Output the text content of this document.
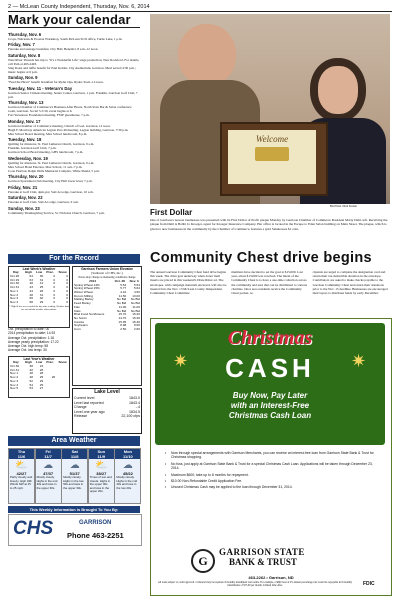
2 — McLean County Independent, Thursday, Nov. 6, 2014
Mark your calendar
Thursday, Nov. 6
Crops, Nutrients & Erosion Workshop, South McLean SCD office, Turtle Lake, 1 p.m.
Friday, Nov. 7
Pancake and sausage breakfast, City Hall, Benedict, 8 a.m.-12 noon.
Saturday, Nov. 8
West River Threads has trip to "It's a Wonderful Life" stage production, New Rockford. For details, call Pam at 463-2493.
Sing Roast and raffle benefit for Paul Kohler, City Auditorium, Garrison. Meal served 4:30 p.m.; music begins at 6 p.m.
Sunday, Nov. 9
"Feed the Heart" benefit breakfast for Ryder Ops, Ryder, 9a.m.-12 noon.
Tuesday, Nov. 11 - Veteran's Day
Garrison Senior Citizens meeting, Senior Center, Garrison, 1 p.m. Franklin, Garrison Golf Club, 7 p.m.
Thursday, Nov. 13
Garrison Chamber of Commerce's Business After Hours, North Stars Bar & Salon conference room, Garrison. Social 5-5:30, event begins at 6.
Fort Stevenson Foundation meeting, FSSP guesthouse, 7 p.m.
Monday, Nov. 17
Garrison Chamber of Commerce meeting, Church of God, Garrison, 12 noon.
Hugh F. Mowbray American Legion Post 49 meeting, Legion building, Garrison, 7:30 p.m.
Max School Board meeting, Max School lunchroom, 8 p.m.
Tuesday, Nov. 18
Quilting for missions, St. Paul Lutheran Church, Garrison, 9 a.m.
Franklin, Garrison Golf Club, 7 p.m.
Garrison School Board meeting, GHS lunchroom, 7 p.m.
Wednesday, Nov. 19
Quilting for missions, St. Paul Lutheran Church, Garrison, 9 a.m.
Max School Bond Election, Max School, 11 a.m.-7 p.m.
Coon Festival, Ralph Wells Memorial Complex, White Shield, 5 p.m.
Thursday, Nov. 20
Garrison Sportsmen Club meeting, City Hall lower level, 7 p.m.
Friday, Nov. 21
Pancake at Golf Club, 4pm-yes; SACA Lodge, Garrison, 10 a.m.
Saturday, Nov. 22
Pancake at Golf Club, SACA Lodge, Garrison, 9 a.m.
Sunday, Nov. 23
Community Thanksgiving Service, St. Nicholas Church, Garrison, 7 p.m.
For the Record
Last Week's Weather
Day	High	Low	Prec.	Snow
Oct 28	64	30	0	0
Oct 29	63	31	0	0
Oct 30	48	41	0	0
Oct 31	43	25	0	0
Nov 1	44	26	0	0
Nov 2	48	31	0	0
Nov 3	66	40	0	0
Nov 4	58	29	0	0
* High & low are recorded the day after reading. Weather data are not official weather observations.
Oct. precipitation to date: 00
2014 precipitation to date: 14.93
Average Oct. precipitation: 1.16
Average yearly precipitation: 17.22
Average Oct. high temp: 58
Average Oct. low temp: 30
Last Year's Weather
Day	High	Low	Prec.	Snow
Oct 30	38	24		
Oct 31	40	26		
Nov 1	48	28		
Nov 2	48	25	26	
Nov 3	52	29		
Nov 4	54	25		
Nov 5	53	27		
Garrison Farmers Union Elevator
(Sunburst of CHS, Inc.)
Prices may change as marketing conditions change
2014	Oct. 28	Nov. 3
Spring Wheat 14%	5.54	5.54
Spring Wheat 15%	5.77	5.64
Winter Wheat	4.42	4.50
Durum Milling	11.50	13.00
Malting Barley	No Bid	No Bid
Feed Barley	No Bid	No Bid
Flax	11.00	11.00
Oats	No Bid	No Bid
Blnd Food Sunflowers	15.70	16.20
No Sunni	14.70	15.30
Canola	15.95	15.30
Soybeans	8.98	9.00
Corn	2.50	2.60
Lake Level
Current level	1843.0
Level last reported	1843.4
Change	-.4
Level one year ago	1834.5
Release	22,100 cfps
Area Weather
Thu
11/6
⛅
42/27
Partly cloudy and breezy. High 43F. Winds NW at 15 to 25 mph.
Fri
11/7
☁
47/37
Mostly cloudy. Highs in the mid 40s and lows in the upper 30s.
Sat
11/8
☁
51/37
Mostly cloudy. Highs in the low 50s and lows in the upper 30s.
Sun
11/9
⛅
38/27
Times of sun and clouds. Highs in the upper 30s and lows in the upper 20s.
Mon
11/10
☁
45/22
Mostly cloudy. Highs in the mid 40s and lows in the low 20s.
This Weekly Information is Brought To You By:
CHS	GARRISON
Phone 463-2251
Welcome
BG Photo / Rob Kreiser
First Dollar
One of Garrison's newest businesses was presented with its First Dollar of Profit plaque Monday by Garrison Chamber of Commerce President Marty Dahl, left. Receiving the plaque from Dahl is Bobbi Jo Kroeger, agent for Kroeger Insurance Company. Her office is located in the Escape to Eden Salon building on Main Street. The plaque, which is given to new businesses in the community by the Chamber of Commerce, features a gold Sakakawea $1 coin.
Community Chest drive begins
The annual Garrison Community Chest fund drive begins this week. The drive gets underway when donor mail inserts are placed in this weekend's Dixie Ritter ad. The envelopes, with campaign materials enclosed, will also be inserted into the Nov. 13 McLean County Independent. Community Chest Committee
members have decided to set the goal at $15,000. Last year, about $13,000 was received. The intent of the Community Chest is to have a one-time collection across the community and area that can be distributed to various charities. Once area residents receive the Community Chest packet, re-
cipients are urged to complete the designation card and return their tax-deductible donation in the envelope. Contributors are asked to make checks payable to the Garrison Community Chest and return their donations prior to the Nov. 15 deadline. Businesses are encouraged their layers to distribute funds by early December.
Christmas
CASH
✷	✷
Buy Now, Pay Later
with an Interest-Free
Christmas Cash Loan
•	Now through special arrangements with Garrison Merchants, you can receive an interest-free loan from Garrison State Bank & Trust for Christmas shopping.
•	No fuss, just apply at Garrison State Bank & Trust for a special Christmas Cash Loan. Applications will be taken through December 23, 2014.
•	Maximum $600; take up to 8 months for repayment.
•	$10.00 Non-Refundable Credit Application Fee.
•	Unused Christmas Cash may be applied to the loan through December 31, 2014.
G
GARRISON STATE
BANK & TRUST
463-2262 • Garrison, ND
All loans subject to credit approval. Collateral may be required. 8 monthly installment loan terms. For example, a $600 loan at 0% annual percentage rate would be repayable in 8 monthly installments of $75.00 per month. Limited time offer.	FDIC
